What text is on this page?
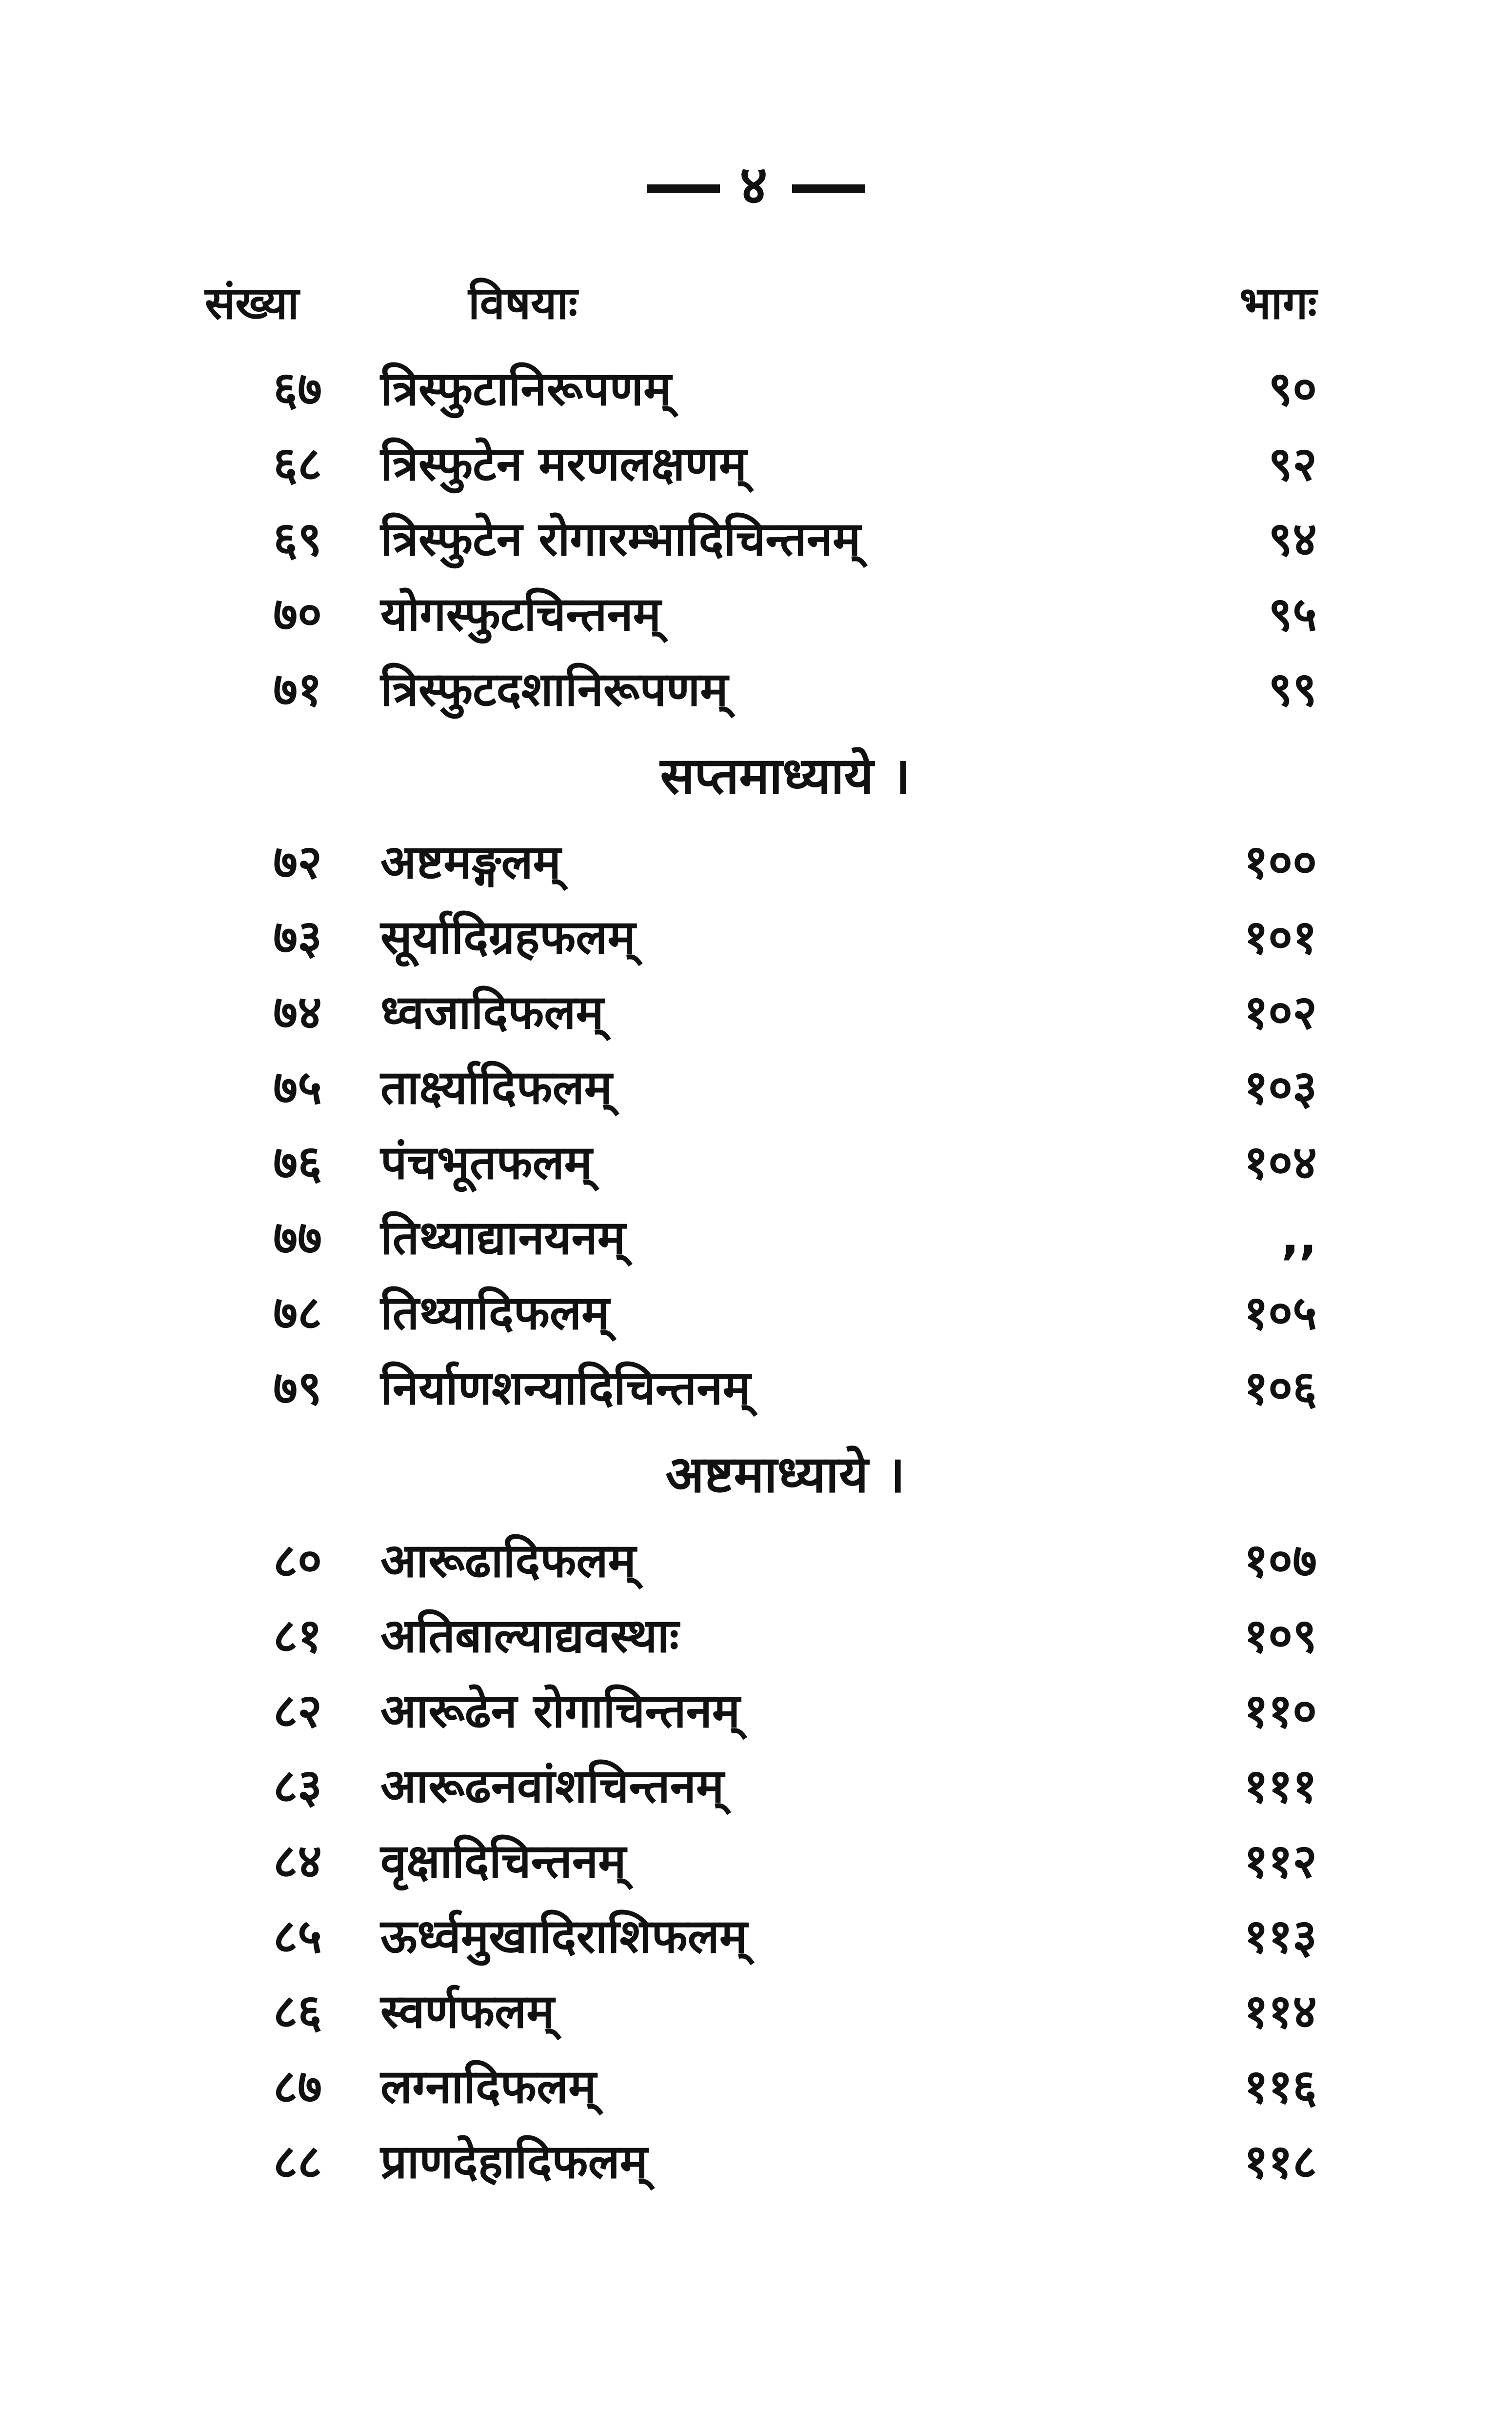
४
संख्या	विषयाः	भागः
६७ त्रिस्फुटानिरूपणम्	९०
६८ त्रिस्फुटेन मरणलक्षणम्	९२
६९ त्रिस्फुटेन रोगारम्भादिचिन्तनम्	९४
७० योगस्फुटचिन्तनम्	९५
७१ त्रिस्फुटदशानिरूपणम्	९९
सप्तमाध्याये ।
७२ अष्टमङ्गलम्	१००
७३ सूर्यादिग्रहफलम्	१०१
७४ ध्वजादिफलम्	१०२
७५ तार्क्ष्यादिफलम्	१०३
७६ पंचभूतफलम्	१०४
७७ तिथ्याद्यानयनम्	,,
७८ तिथ्यादिफलम्	१०५
७९ निर्याणशन्यादिचिन्तनम्	१०६
अष्टमाध्याये ।
८० आरूढादिफलम्	१०७
८१ अतिबाल्याद्यवस्थाः	१०९
८२ आरूढेन रोगाचिन्तनम्	११०
८३ आरूढनवांशचिन्तनम्	१११
८४ वृक्षादिचिन्तनम्	११२
८५ ऊर्ध्वमुखादिराशिफलम्	११३
८६ स्वर्णफलम्	११४
८७ लग्नादिफलम्	११६
८८ प्राणदेहादिफलम्	११८
